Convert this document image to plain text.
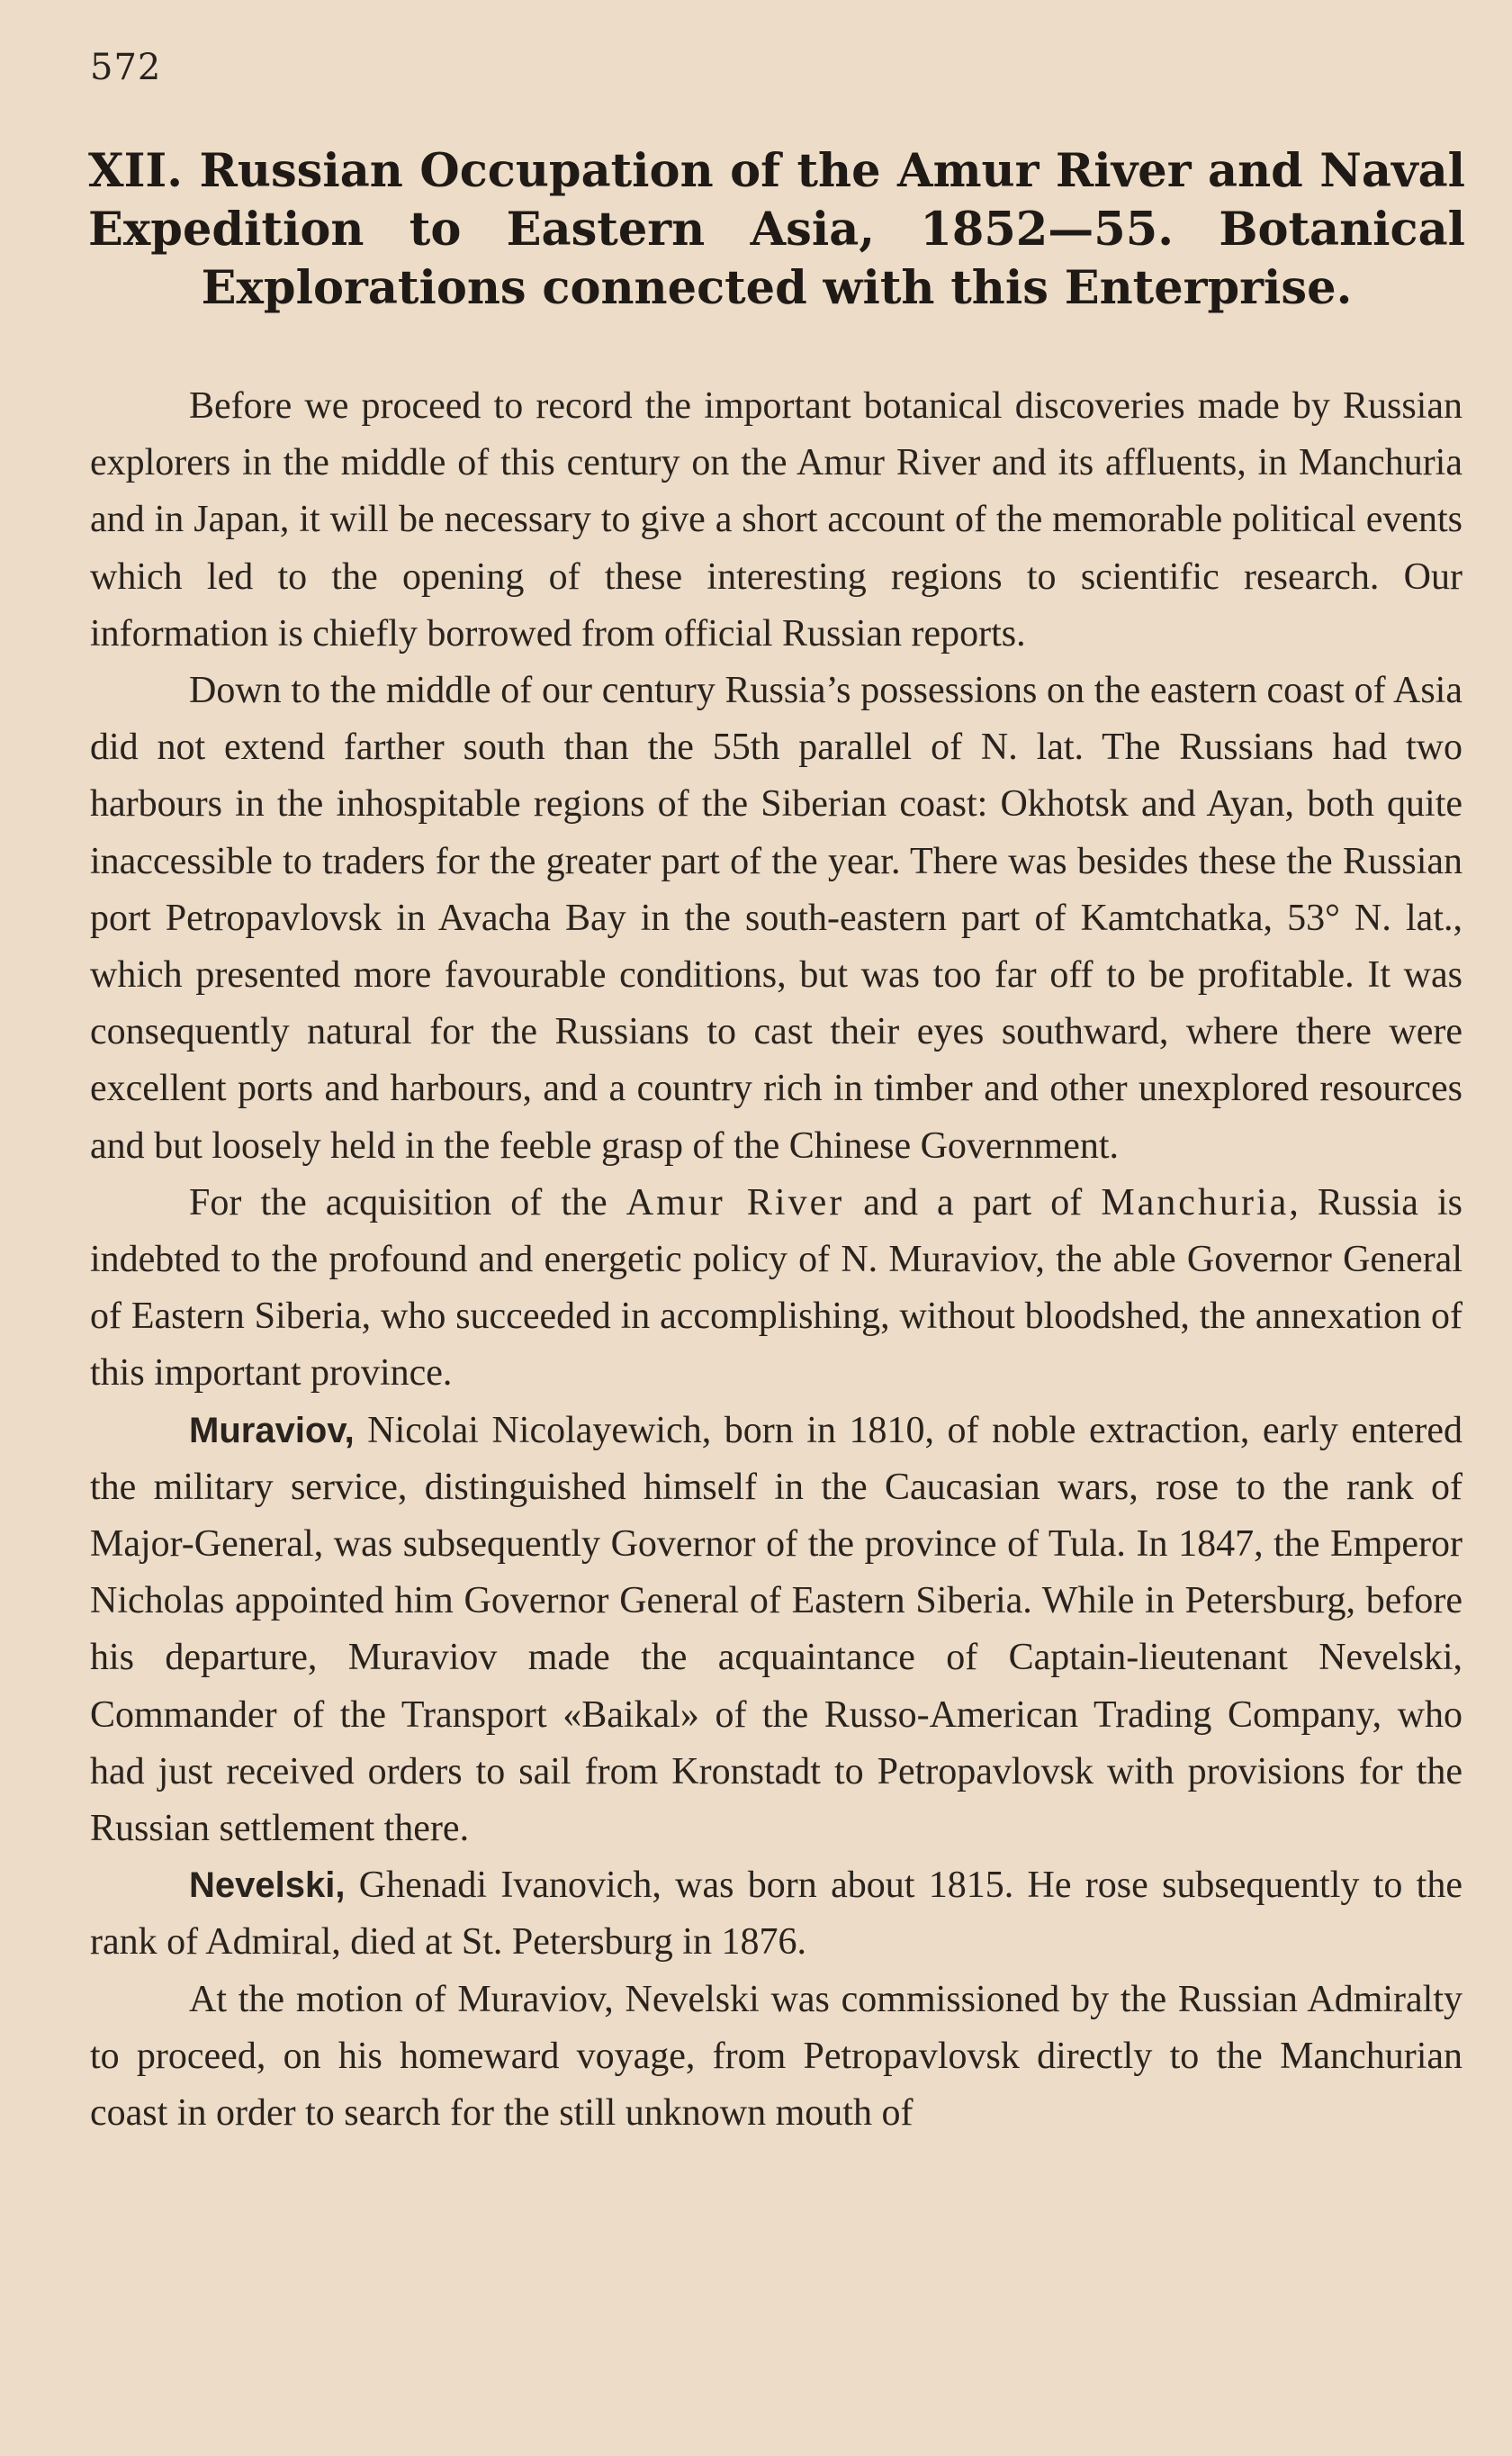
572
XII. Russian Occupation of the Amur River and Naval Expedition to Eastern Asia, 1852—55. Botanical Explorations connected with this Enterprise.

Before we proceed to record the important botanical discoveries made by Russian explorers in the middle of this century on the Amur River and its affluents, in Manchuria and in Japan, it will be necessary to give a short account of the memorable political events which led to the opening of these interesting regions to scientific research. Our information is chiefly borrowed from official Russian reports.

Down to the middle of our century Russia’s possessions on the eastern coast of Asia did not extend farther south than the 55th parallel of N. lat. The Russians had two harbours in the inhospitable regions of the Siberian coast: Okhotsk and Ayan, both quite inaccessible to traders for the greater part of the year. There was besides these the Russian port Petropavlovsk in Avacha Bay in the south-eastern part of Kamtchatka, 53° N. lat., which presented more favourable conditions, but was too far off to be profitable. It was consequently natural for the Russians to cast their eyes southward, where there were excellent ports and harbours, and a country rich in timber and other unexplored resources and but loosely held in the feeble grasp of the Chinese Government.

For the acquisition of the Amur River and a part of Manchuria, Russia is indebted to the profound and energetic policy of N. Muraviov, the able Governor General of Eastern Siberia, who succeeded in accomplishing, without bloodshed, the annexation of this important province.

Muraviov, Nicolai Nicolayewich, born in 1810, of noble extraction, early entered the military service, distinguished himself in the Caucasian wars, rose to the rank of Major-General, was subsequently Governor of the province of Tula. In 1847, the Emperor Nicholas appointed him Governor General of Eastern Siberia. While in Petersburg, before his departure, Muraviov made the acquaintance of Captain-lieutenant Nevelski, Commander of the Transport «Baikal» of the Russo-American Trading Company, who had just received orders to sail from Kronstadt to Petropavlovsk with provisions for the Russian settlement there.

Nevelski, Ghenadi Ivanovich, was born about 1815. He rose subsequently to the rank of Admiral, died at St. Petersburg in 1876.

At the motion of Muraviov, Nevelski was commissioned by the Russian Admiralty to proceed, on his homeward voyage, from Petropavlovsk directly to the Manchurian coast in order to search for the still unknown mouth of
